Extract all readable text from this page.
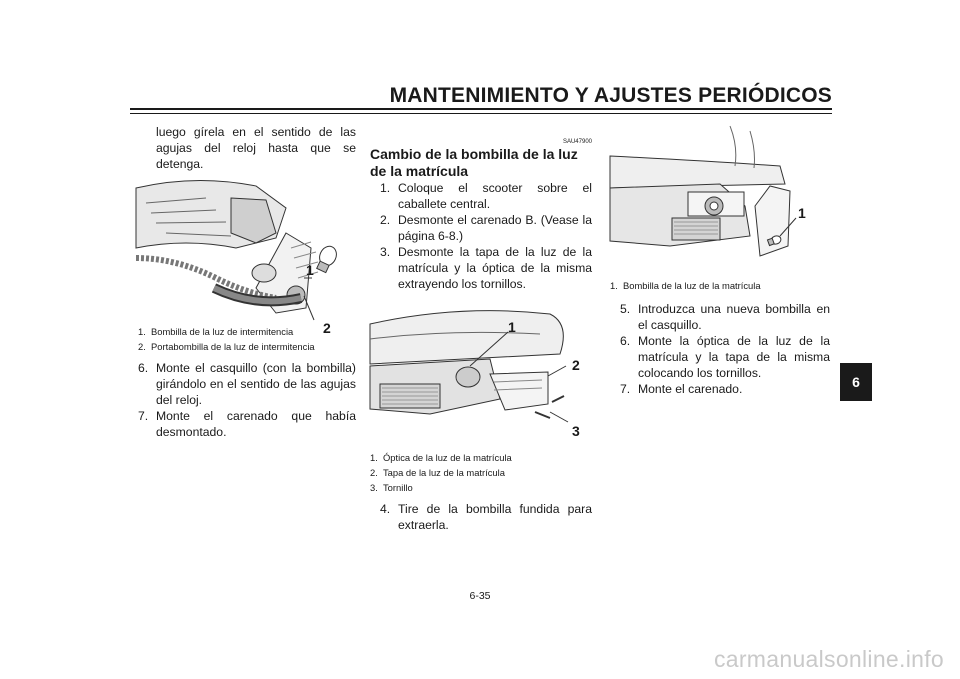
MANTENIMIENTO Y AJUSTES PERIÓDICOS
6

luego gírela en el sentido de las agujas del reloj hasta que se detenga.

1
2
1. Bombilla de la luz de intermitencia
2. Portabombilla de la luz de intermitencia
6. Monte el casquillo (con la bombilla) girándolo en el sentido de las agujas del reloj.
7. Monte el carenado que había desmontado.

SAU47900

Cambio de la bombilla de la luz de la matrícula

1. Coloque el scooter sobre el caballete central.
2. Desmonte el carenado B. (Vease la página 6-8.)
3. Desmonte la tapa de la luz de la matrícula y la óptica de la misma extrayendo los tornillos.
1
2
3
1. Óptica de la luz de la matrícula
2. Tapa de la luz de la matrícula
3. Tornillo
4. Tire de la bombilla fundida para extraerla.
1
1. Bombilla de la luz de la matrícula
5. Introduzca una nueva bombilla en el casquillo.
6. Monte la óptica de la luz de la matrícula y la tapa de la misma colocando los tornillos.
7. Monte el carenado.
6-35
carmanualsonline.info
